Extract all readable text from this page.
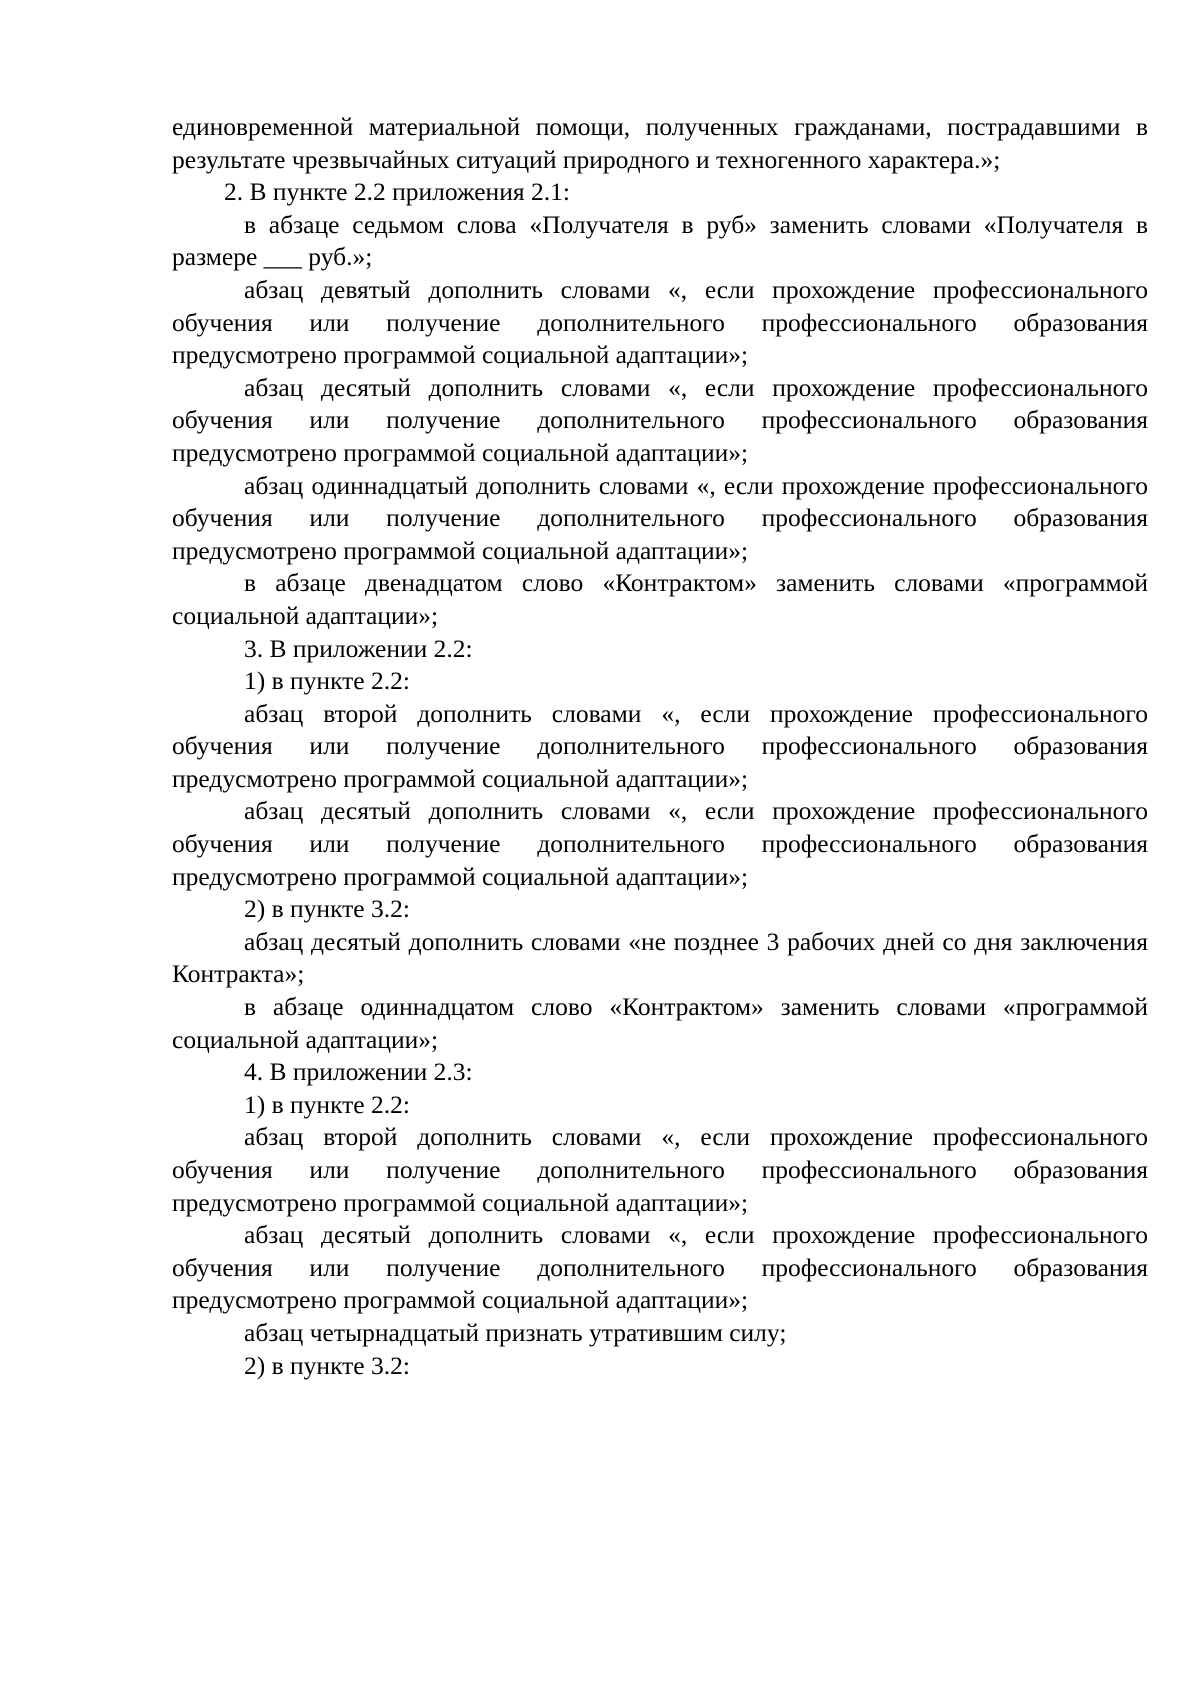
единовременной материальной помощи, полученных гражданами, пострадавшими в результате чрезвычайных ситуаций природного и техногенного характера.»;

2. В пункте 2.2 приложения 2.1:

в абзаце седьмом слова «Получателя в руб» заменить словами «Получателя в размере ___ руб.»;

абзац девятый дополнить словами «, если прохождение профессионального обучения или получение дополнительного профессионального образования предусмотрено программой социальной адаптации»;

абзац десятый дополнить словами «, если прохождение профессионального обучения или получение дополнительного профессионального образования предусмотрено программой социальной адаптации»;

абзац одиннадцатый дополнить словами «, если прохождение профессионального обучения или получение дополнительного профессионального образования предусмотрено программой социальной адаптации»;

в абзаце двенадцатом слово «Контрактом» заменить словами «программой социальной адаптации»;

3. В приложении 2.2:

1) в пункте 2.2:

абзац второй дополнить словами «, если прохождение профессионального обучения или получение дополнительного профессионального образования предусмотрено программой социальной адаптации»;

абзац десятый дополнить словами «, если прохождение профессионального обучения или получение дополнительного профессионального образования предусмотрено программой социальной адаптации»;

2) в пункте 3.2:

абзац десятый дополнить словами «не позднее 3 рабочих дней со дня заключения Контракта»;

в абзаце одиннадцатом слово «Контрактом» заменить словами «программой социальной адаптации»;

4. В приложении 2.3:

1) в пункте 2.2:

абзац второй дополнить словами «, если прохождение профессионального обучения или получение дополнительного профессионального образования предусмотрено программой социальной адаптации»;

абзац десятый дополнить словами «, если прохождение профессионального обучения или получение дополнительного профессионального образования предусмотрено программой социальной адаптации»;

абзац четырнадцатый признать утратившим силу;

2) в пункте 3.2:
